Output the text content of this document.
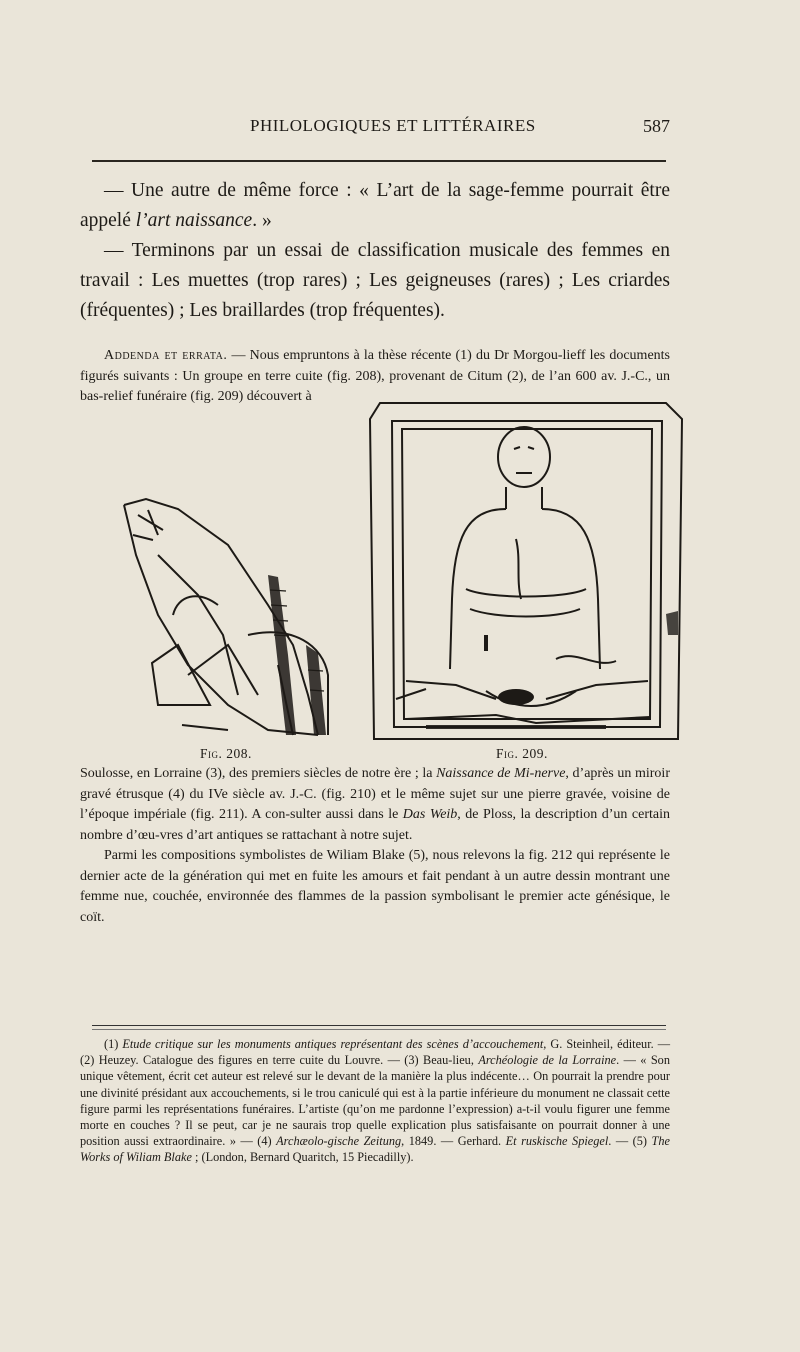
PHILOLOGIQUES ET LITTÉRAIRES	587

— Une autre de même force : « L’art de la sage-femme pourrait être appelé l’art naissance. »

— Terminons par un essai de classification musicale des femmes en travail : Les muettes (trop rares) ; Les geigneuses (rares) ; Les criardes (fréquentes) ; Les braillardes (trop fréquentes).

Addenda et errata. — Nous empruntons à la thèse récente (1) du Dr Morgou-lieff les documents figurés suivants : Un groupe en terre cuite (fig. 208), provenant de Citum (2), de l’an 600 av. J.-C., un bas-relief funéraire (fig. 209) découvert à

Fig. 208.	Fig. 209.

Soulosse, en Lorraine (3), des premiers siècles de notre ère ; la Naissance de Mi-nerve, d’après un miroir gravé étrusque (4) du IVe siècle av. J.-C. (fig. 210) et le même sujet sur une pierre gravée, voisine de l’époque impériale (fig. 211). A con-sulter aussi dans le Das Weib, de Ploss, la description d’un certain nombre d’œu-vres d’art antiques se rattachant à notre sujet.

Parmi les compositions symbolistes de Wiliam Blake (5), nous relevons la fig. 212 qui représente le dernier acte de la génération qui met en fuite les amours et fait pendant à un autre dessin montrant une femme nue, couchée, environnée des flammes de la passion symbolisant le premier acte génésique, le coït.

(1) Etude critique sur les monuments antiques représentant des scènes d’accouchement, G. Steinheil, éditeur. — (2) Heuzey. Catalogue des figures en terre cuite du Louvre. — (3) Beau-lieu, Archéologie de la Lorraine. — « Son unique vêtement, écrit cet auteur est relevé sur le devant de la manière la plus indécente… On pourrait la prendre pour une divinité présidant aux accouchements, si le trou caniculé qui est à la partie inférieure du monument ne classait cette figure parmi les représentations funéraires. L’artiste (qu’on me pardonne l’expression) a-t-il voulu figurer une femme morte en couches ? Il se peut, car je ne saurais trop quelle explication plus satisfaisante on pourrait donner à une position aussi extraordinaire. » — (4) Archæolo-gische Zeitung, 1849. — Gerhard. Et ruskische Spiegel. — (5) The Works of Wiliam Blake ; (London, Bernard Quaritch, 15 Piecadilly).
